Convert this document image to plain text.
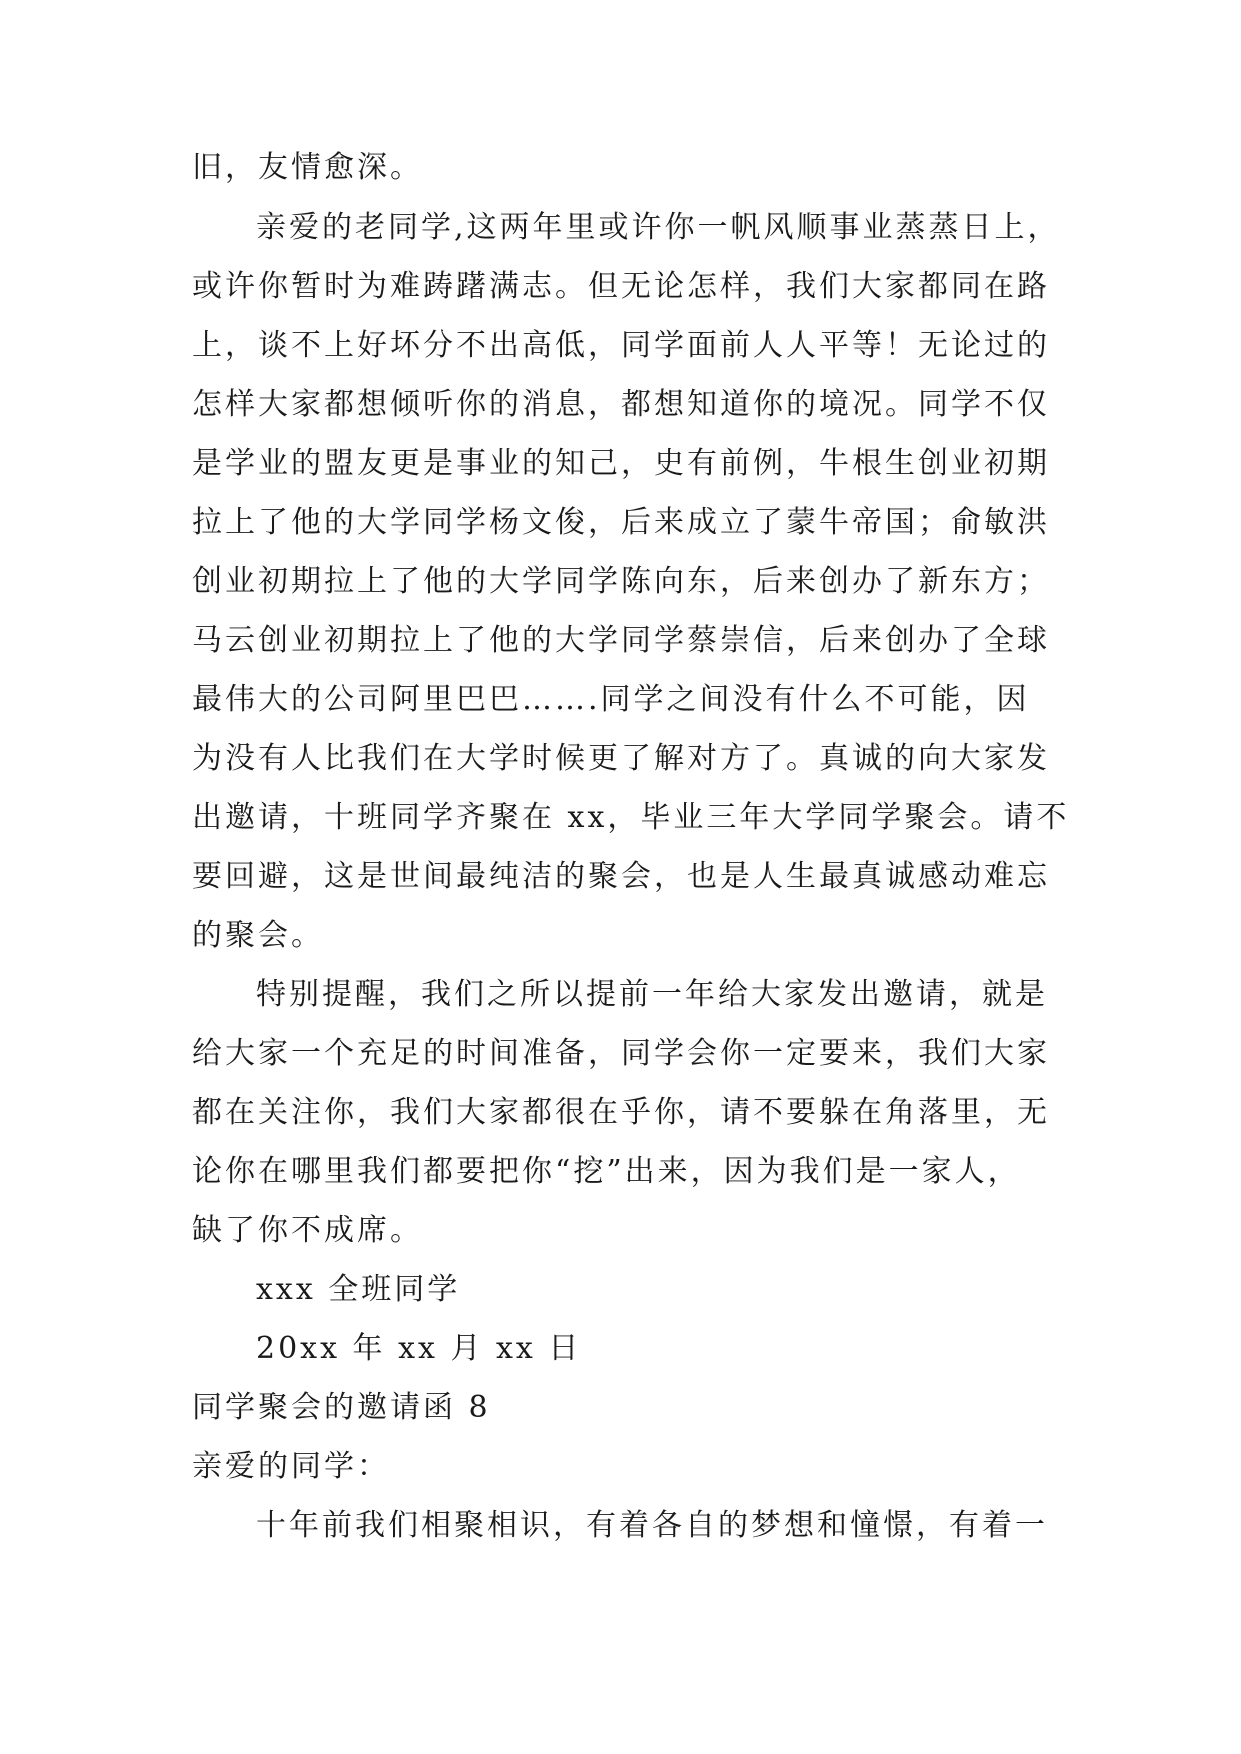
旧，友情愈深。
亲爱的老同学,这两年里或许你一帆风顺事业蒸蒸日上，
或许你暂时为难踌躇满志。但无论怎样，我们大家都同在路
上，谈不上好坏分不出高低，同学面前人人平等！无论过的
怎样大家都想倾听你的消息，都想知道你的境况。同学不仅
是学业的盟友更是事业的知己，史有前例，牛根生创业初期
拉上了他的大学同学杨文俊，后来成立了蒙牛帝国；俞敏洪
创业初期拉上了他的大学同学陈向东，后来创办了新东方；
马云创业初期拉上了他的大学同学蔡崇信，后来创办了全球
最伟大的公司阿里巴巴…….同学之间没有什么不可能，因
为没有人比我们在大学时候更了解对方了。真诚的向大家发
出邀请，十班同学齐聚在 xx，毕业三年大学同学聚会。请不
要回避，这是世间最纯洁的聚会，也是人生最真诚感动难忘
的聚会。
特别提醒，我们之所以提前一年给大家发出邀请，就是
给大家一个充足的时间准备，同学会你一定要来，我们大家
都在关注你，我们大家都很在乎你，请不要躲在角落里，无
论你在哪里我们都要把你“挖”出来，因为我们是一家人，
缺了你不成席。
xxx 全班同学
20xx 年 xx 月 xx 日
同学聚会的邀请函 8
亲爱的同学：
十年前我们相聚相识，有着各自的梦想和憧憬，有着一
